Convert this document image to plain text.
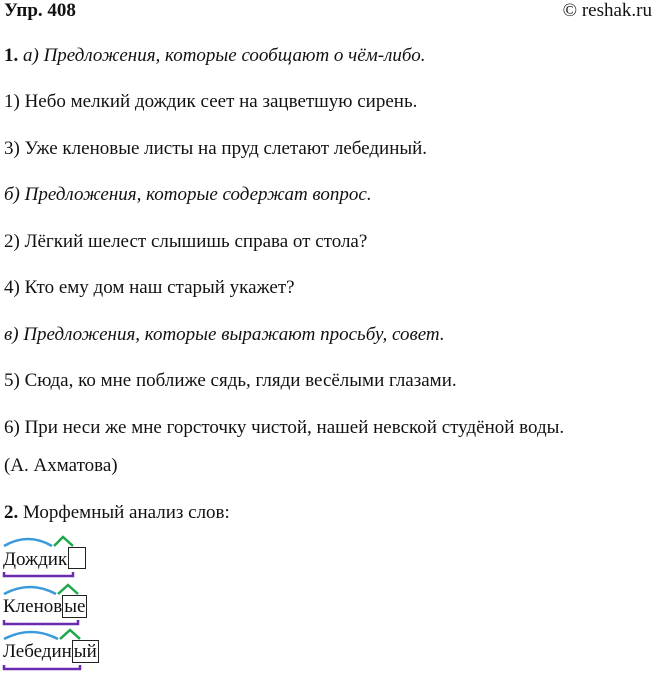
Упр. 408	© reshak.ru
1. а) Предложения, которые сообщают о чём-либо.
1) Небо мелкий дождик сеет на зацветшую сирень.
3) Уже кленовые листы на пруд слетают лебединый.
б) Предложения, которые содержат вопрос.
2) Лёгкий шелест слышишь справа от стола?
4) Кто ему дом наш старый укажет?
в) Предложения, которые выражают просьбу, совет.
5) Сюда, ко мне поближе сядь, гляди весёлыми глазами.
6) При неси же мне горсточку чистой, нашей невской студёной воды.
(А. Ахматова)
2. Морфемный анализ слов:
Дождик
Кленов ые
Лебедин ый
